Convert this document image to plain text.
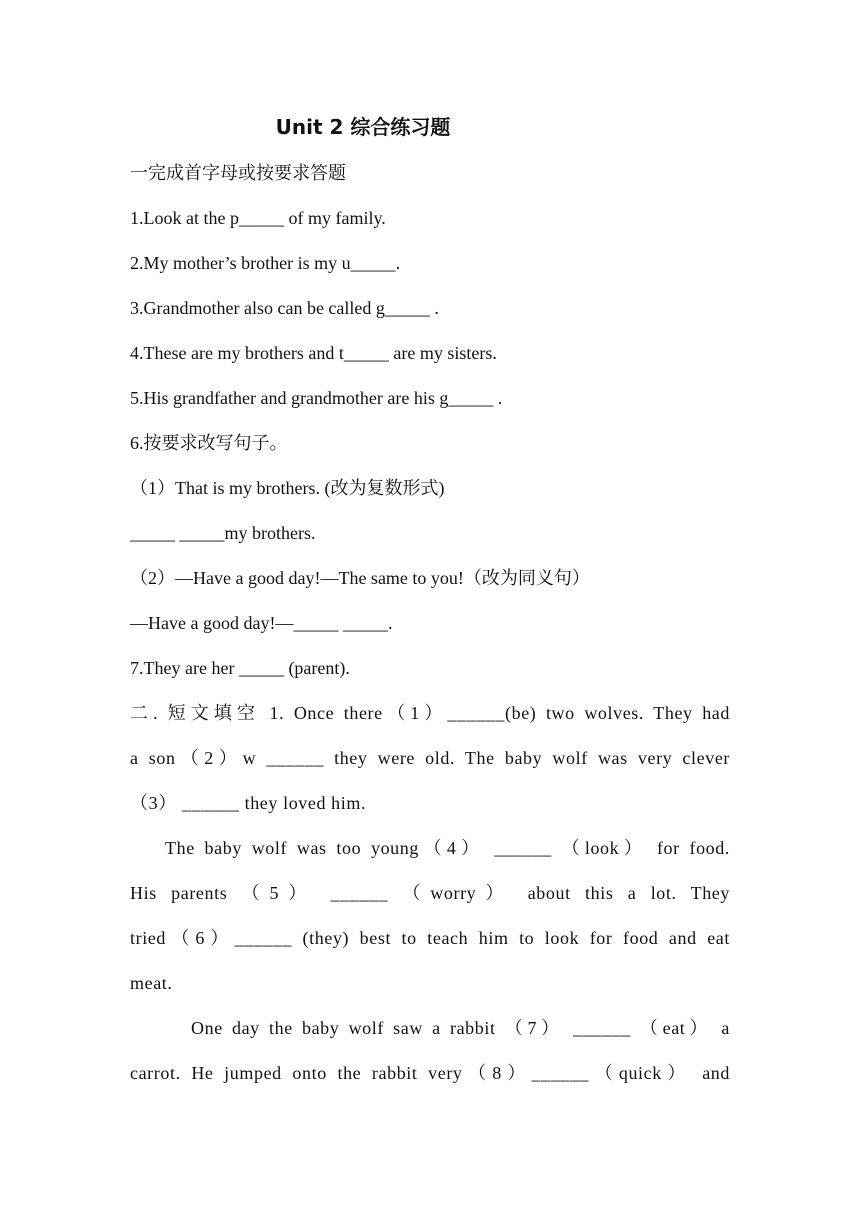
Unit 2 综合练习题

一完成首字母或按要求答题

1.Look at the p_____ of my family.

2.My mother’s brother is my u_____.

3.Grandmother also can be called g_____ .

4.These are my brothers and t_____ are my sisters.

5.His grandfather and grandmother are his g_____ .

6.按要求改写句子。

（1）That is my brothers. (改为复数形式)

_____ _____my brothers.

（2）—Have a good day!—The same to you!（改为同义句）

—Have a good day!—_____ _____.

7.They are her _____ (parent).

二. 短文填空 1. Once there（1）______(be) two wolves. They had

a son（2）w ______ they were old. The baby wolf was very clever

（3） ______ they loved him.

The baby wolf was too young（4） ______ （look） for food.

His parents （5） ______ （worry） about this a lot. They

tried（6）______ (they) best to teach him to look for food and eat

meat.

One day the baby wolf saw a rabbit （7） ______ （eat） a

carrot. He jumped onto the rabbit very（8）______（quick） and
